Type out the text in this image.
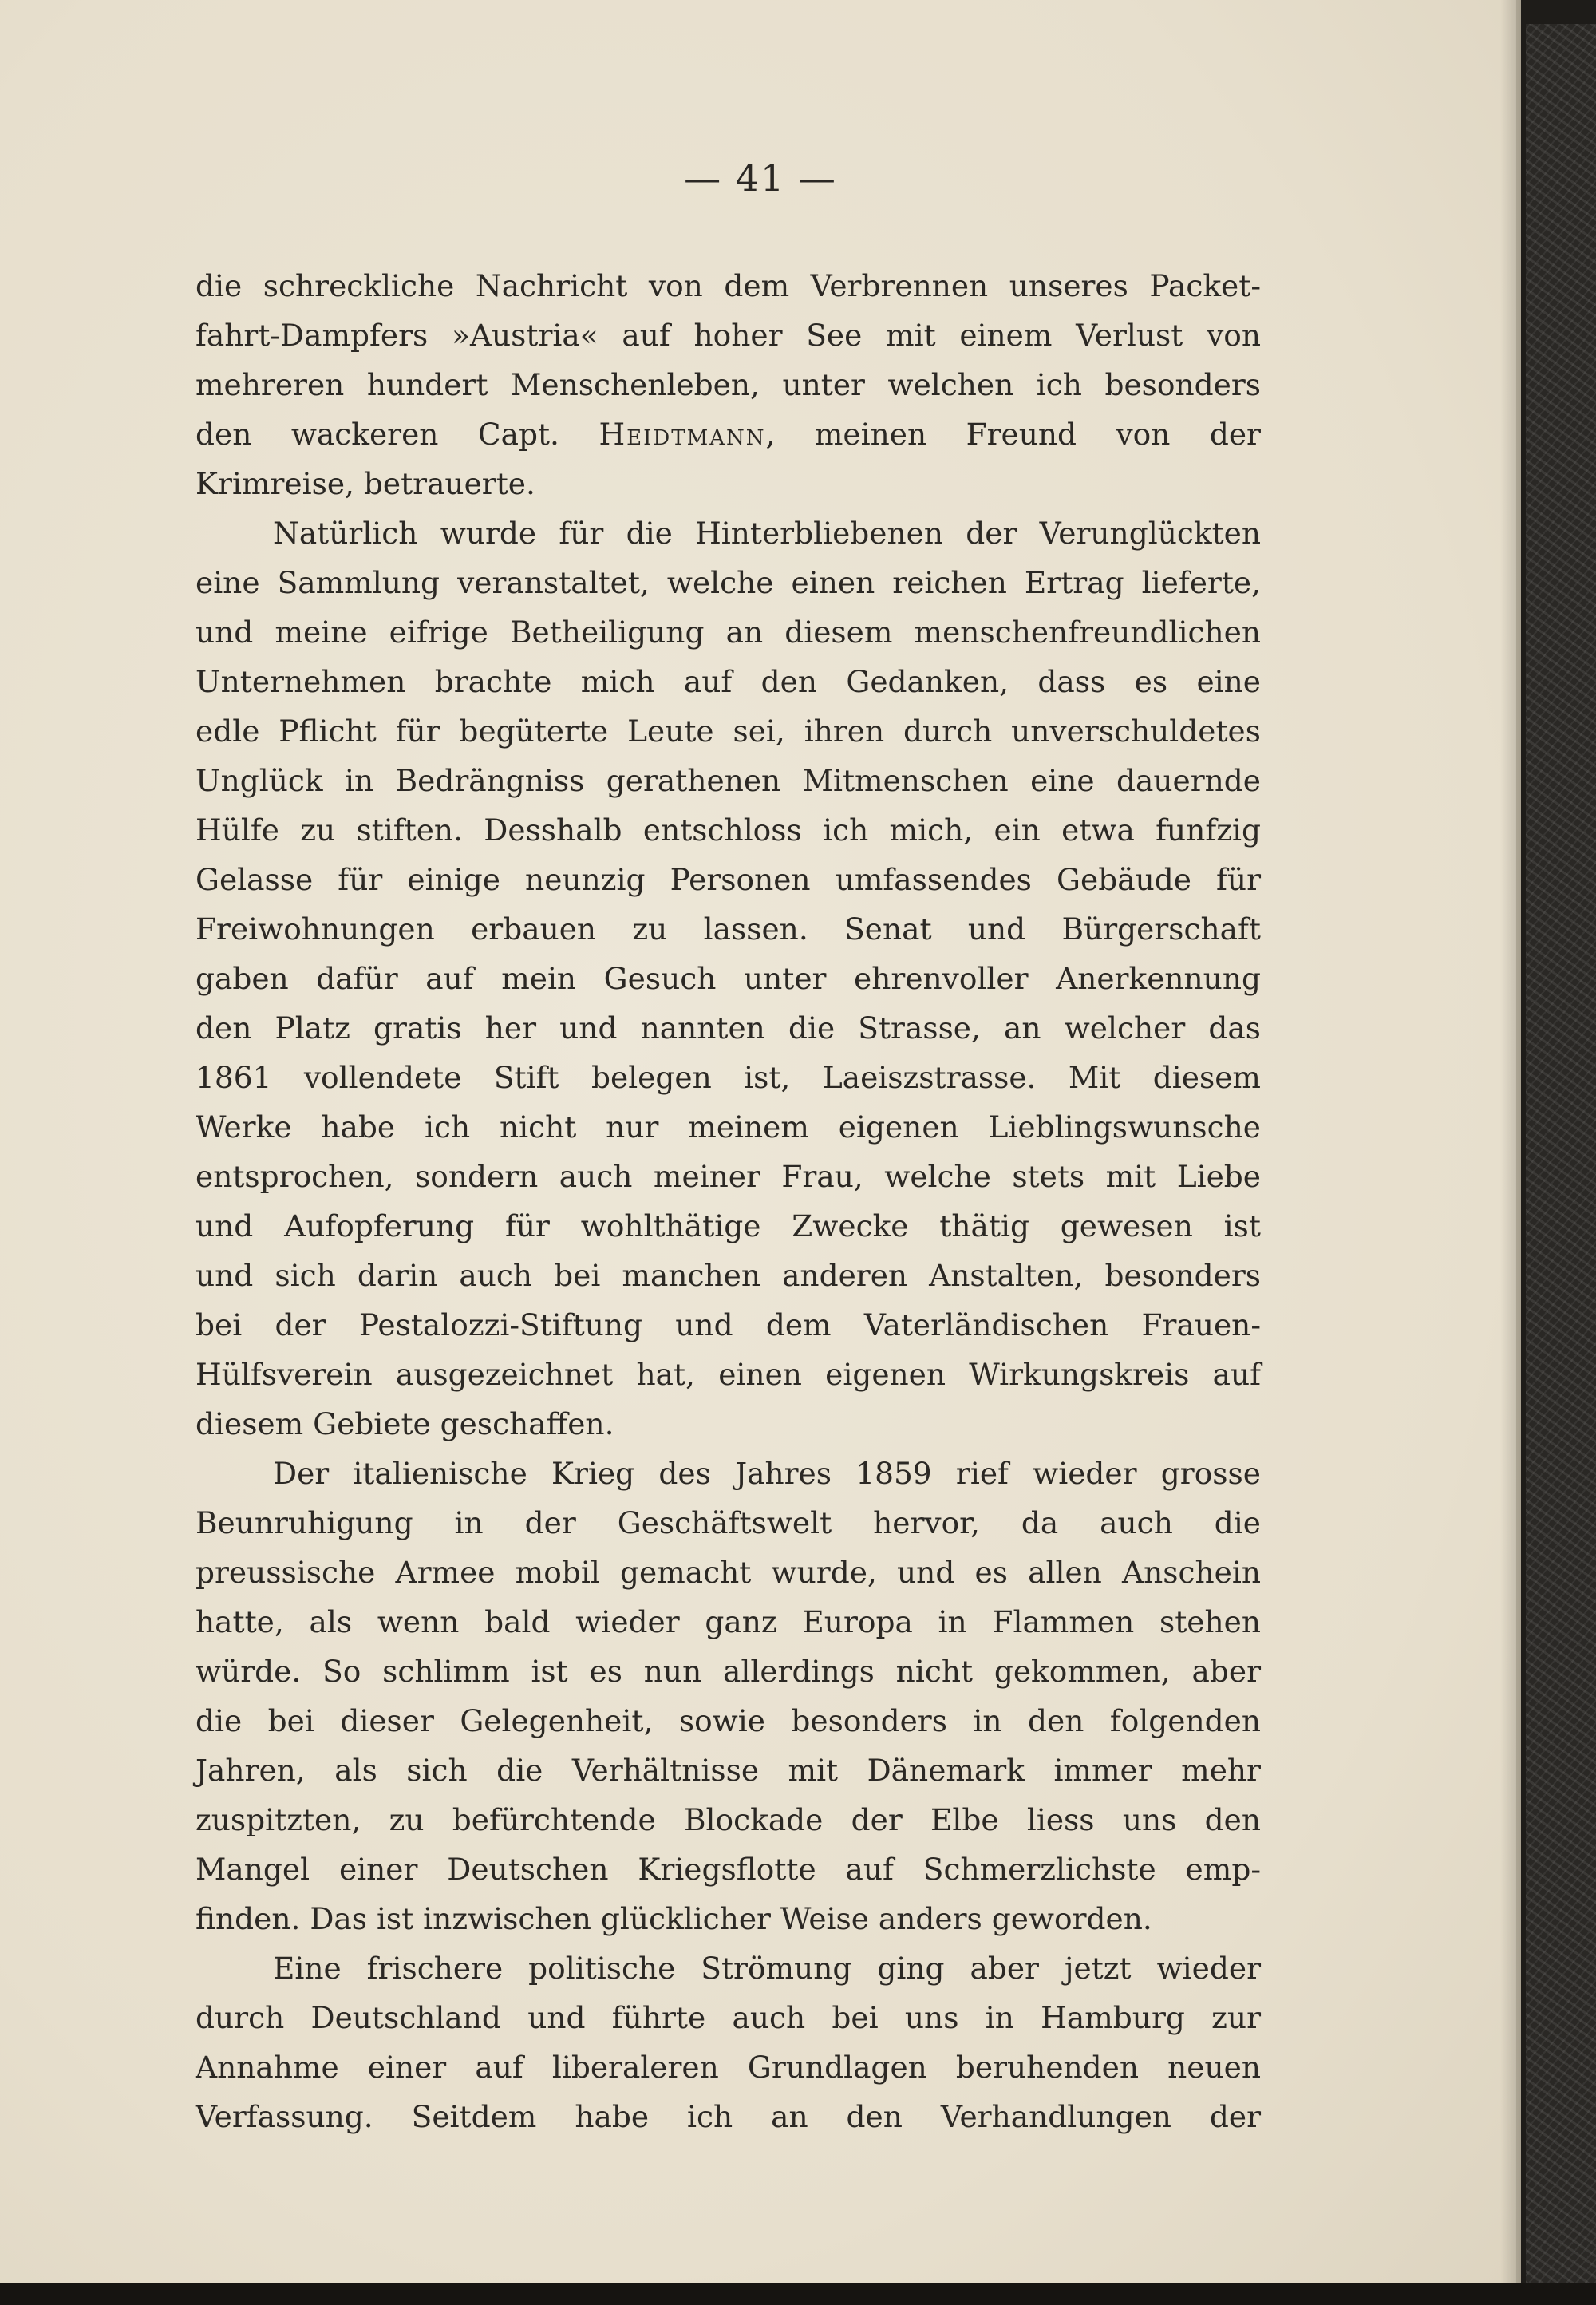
— 41 —
die schreckliche Nachricht von dem Verbrennen unseres Packet-
fahrt-Dampfers »Austria« auf hoher See mit einem Verlust von
mehreren hundert Menschenleben, unter welchen ich besonders
den wackeren Capt. Heidtmann, meinen Freund von der
Krimreise, betrauerte.
Natürlich wurde für die Hinterbliebenen der Verunglückten
eine Sammlung veranstaltet, welche einen reichen Ertrag lieferte,
und meine eifrige Betheiligung an diesem menschenfreundlichen
Unternehmen brachte mich auf den Gedanken, dass es eine
edle Pflicht für begüterte Leute sei, ihren durch unverschuldetes
Unglück in Bedrängniss gerathenen Mitmenschen eine dauernde
Hülfe zu stiften. Desshalb entschloss ich mich, ein etwa funfzig
Gelasse für einige neunzig Personen umfassendes Gebäude für
Freiwohnungen erbauen zu lassen. Senat und Bürgerschaft
gaben dafür auf mein Gesuch unter ehrenvoller Anerkennung
den Platz gratis her und nannten die Strasse, an welcher das
1861 vollendete Stift belegen ist, Laeiszstrasse. Mit diesem
Werke habe ich nicht nur meinem eigenen Lieblingswunsche
entsprochen, sondern auch meiner Frau, welche stets mit Liebe
und Aufopferung für wohlthätige Zwecke thätig gewesen ist
und sich darin auch bei manchen anderen Anstalten, besonders
bei der Pestalozzi-Stiftung und dem Vaterländischen Frauen-
Hülfsverein ausgezeichnet hat, einen eigenen Wirkungskreis auf
diesem Gebiete geschaffen.
Der italienische Krieg des Jahres 1859 rief wieder grosse
Beunruhigung in der Geschäftswelt hervor, da auch die
preussische Armee mobil gemacht wurde, und es allen Anschein
hatte, als wenn bald wieder ganz Europa in Flammen stehen
würde. So schlimm ist es nun allerdings nicht gekommen, aber
die bei dieser Gelegenheit, sowie besonders in den folgenden
Jahren, als sich die Verhältnisse mit Dänemark immer mehr
zuspitzten, zu befürchtende Blockade der Elbe liess uns den
Mangel einer Deutschen Kriegsflotte auf Schmerzlichste emp-
finden. Das ist inzwischen glücklicher Weise anders geworden.
Eine frischere politische Strömung ging aber jetzt wieder
durch Deutschland und führte auch bei uns in Hamburg zur
Annahme einer auf liberaleren Grundlagen beruhenden neuen
Verfassung. Seitdem habe ich an den Verhandlungen der
